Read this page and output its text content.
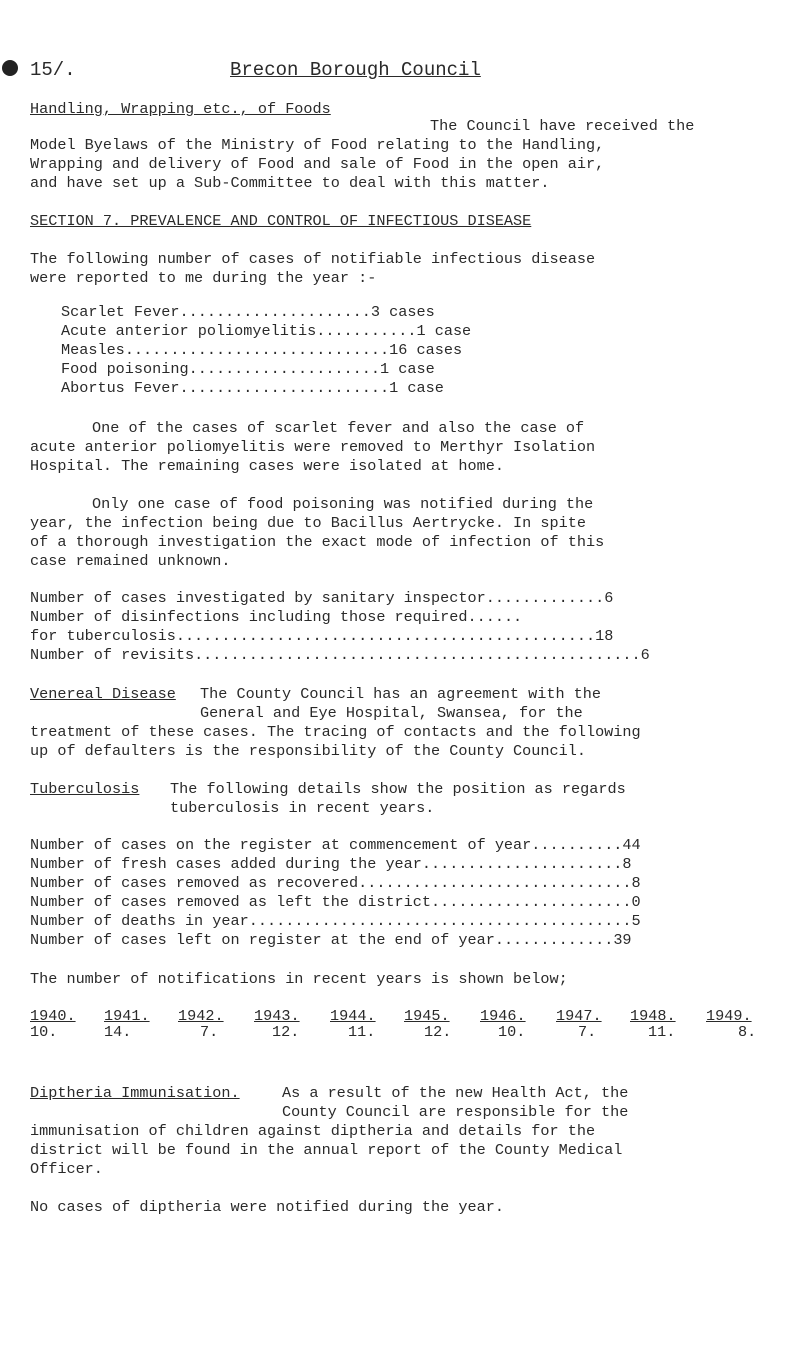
15/.	Brecon Borough Council
Handling, Wrapping etc., of Foods
The Council have received the
Model Byelaws of the Ministry of Food relating to the Handling,
Wrapping and delivery of Food and sale of Food in the open air,
and have set up a Sub-Committee to deal with this matter.
SECTION 7. PREVALENCE AND CONTROL OF INFECTIOUS DISEASE
The following number of cases of notifiable infectious disease
were reported to me during the year :-
Scarlet Fever.....................3 cases
Acute anterior poliomyelitis...........1 case
Measles.............................16 cases
Food poisoning.....................1 case
Abortus Fever.......................1 case
One of the cases of scarlet fever and also the case of
acute anterior poliomyelitis were removed to Merthyr Isolation
Hospital. The remaining cases were isolated at home.
Only one case of food poisoning was notified during the
year, the infection being due to Bacillus Aertrycke. In spite
of a thorough investigation the exact mode of infection of this
case remained unknown.
Number of cases investigated by sanitary inspector.............6
Number of disinfections including those required......
for tuberculosis..............................................18
Number of revisits.................................................6
Venereal Disease The County Council has an agreement with the
General and Eye Hospital, Swansea, for the
treatment of these cases. The tracing of contacts and the following
up of defaulters is the responsibility of the County Council.
Tuberculosis The following details show the position as regards
tuberculosis in recent years.
Number of cases on the register at commencement of year..........44
Number of fresh cases added during the year......................8
Number of cases removed as recovered..............................8
Number of cases removed as left the district......................0
Number of deaths in year..........................................5
Number of cases left on register at the end of year.............39
The number of notifications in recent years is shown below;
1940. 1941. 1942. 1943. 1944. 1945. 1946. 1947. 1948. 1949.
10.	14.	7.	12.	11.	12.	10.	7.	11.	8.
Diptheria Immunisation.	As a result of the new Health Act, the
County Council are responsible for the
immunisation of children against diptheria and details for the
district will be found in the annual report of the County Medical
Officer.
No cases of diptheria were notified during the year.
